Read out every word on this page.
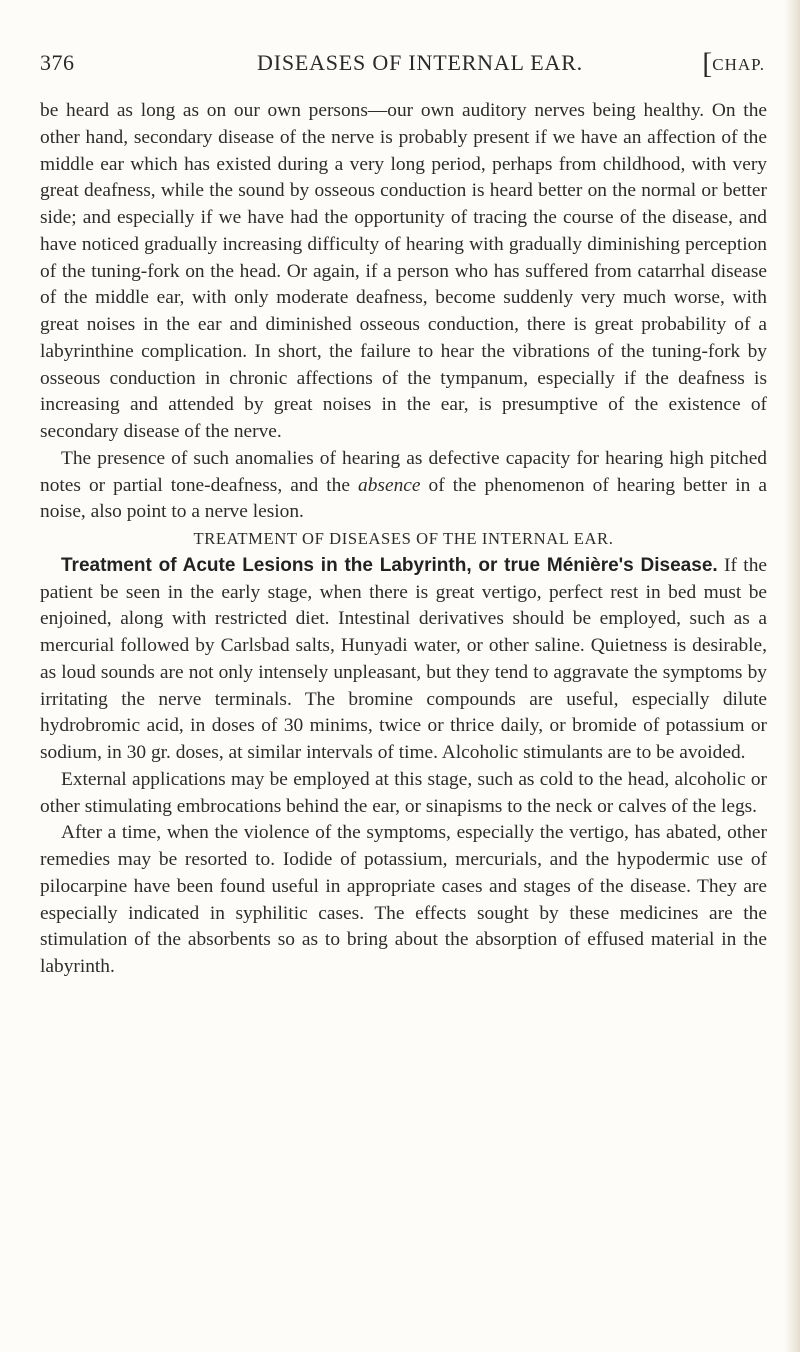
376	DISEASES OF INTERNAL EAR.	[CHAP.

be heard as long as on our own persons—our own auditory nerves being healthy. On the other hand, secondary disease of the nerve is probably present if we have an affection of the middle ear which has existed during a very long period, perhaps from childhood, with very great deafness, while the sound by osseous conduction is heard better on the normal or better side; and especially if we have had the opportunity of tracing the course of the disease, and have noticed gradually increasing difficulty of hearing with gradually diminishing perception of the tuning-fork on the head. Or again, if a person who has suffered from catarrhal disease of the middle ear, with only moderate deafness, become suddenly very much worse, with great noises in the ear and diminished osseous conduction, there is great probability of a labyrinthine complication. In short, the failure to hear the vibrations of the tuning-fork by osseous conduction in chronic affections of the tympanum, especially if the deafness is increasing and attended by great noises in the ear, is presumptive of the existence of secondary disease of the nerve.

The presence of such anomalies of hearing as defective capacity for hearing high pitched notes or partial tone-deafness, and the absence of the phenomenon of hearing better in a noise, also point to a nerve lesion.

TREATMENT OF DISEASES OF THE INTERNAL EAR.

Treatment of Acute Lesions in the Labyrinth, or true Ménière's Disease. If the patient be seen in the early stage, when there is great vertigo, perfect rest in bed must be enjoined, along with restricted diet. Intestinal derivatives should be employed, such as a mercurial followed by Carlsbad salts, Hunyadi water, or other saline. Quietness is desirable, as loud sounds are not only intensely unpleasant, but they tend to aggravate the symptoms by irritating the nerve terminals. The bromine compounds are useful, especially dilute hydrobromic acid, in doses of 30 minims, twice or thrice daily, or bromide of potassium or sodium, in 30 gr. doses, at similar intervals of time. Alcoholic stimulants are to be avoided.

External applications may be employed at this stage, such as cold to the head, alcoholic or other stimulating embrocations behind the ear, or sinapisms to the neck or calves of the legs.

After a time, when the violence of the symptoms, especially the vertigo, has abated, other remedies may be resorted to. Iodide of potassium, mercurials, and the hypodermic use of pilocarpine have been found useful in appropriate cases and stages of the disease. They are especially indicated in syphilitic cases. The effects sought by these medicines are the stimulation of the absorbents so as to bring about the absorption of effused material in the labyrinth.
